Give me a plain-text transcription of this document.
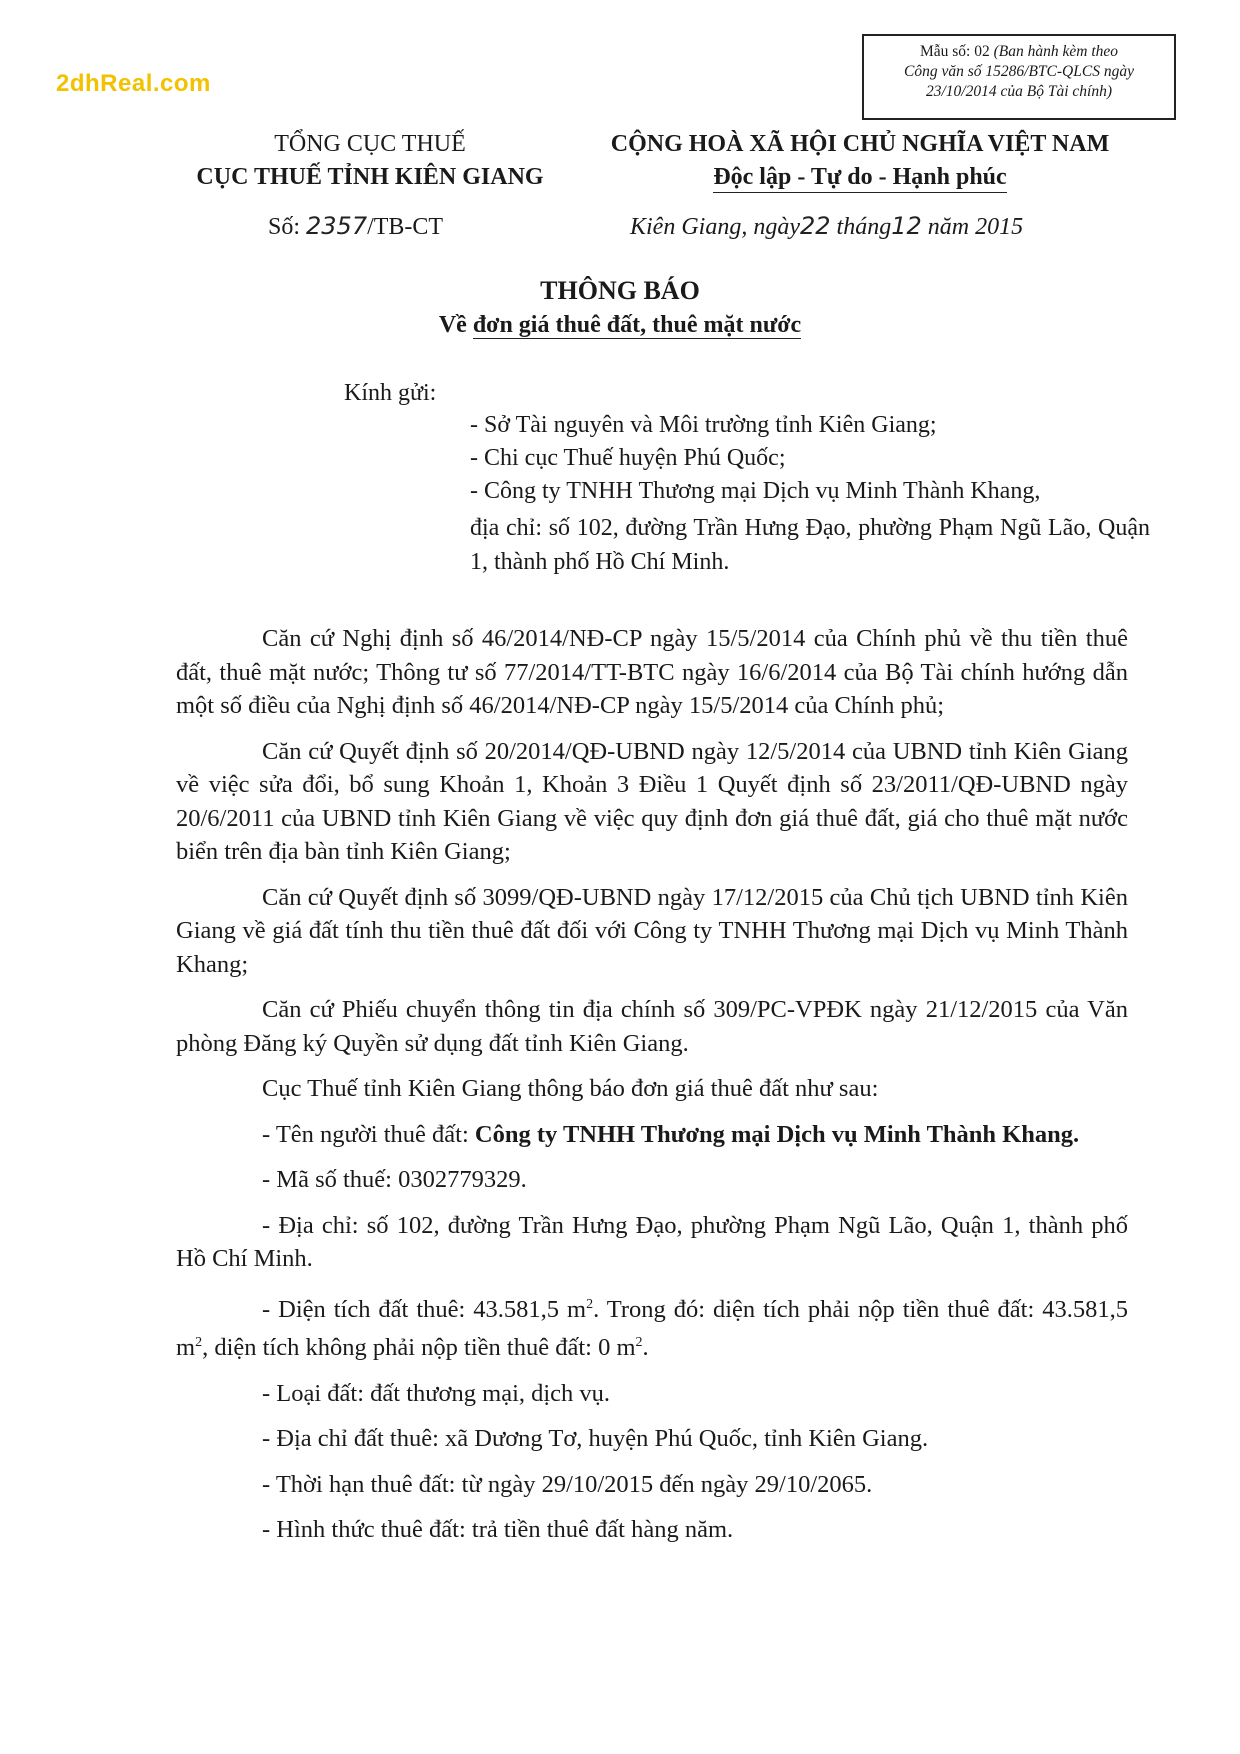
2dhReal.com
Mẫu số: 02 (Ban hành kèm theo
Công văn số 15286/BTC-QLCS ngày
23/10/2014 của Bộ Tài chính)
TỔNG CỤC THUẾ
CỤC THUẾ TỈNH KIÊN GIANG
CỘNG HOÀ XÃ HỘI CHỦ NGHĨA VIỆT NAM
Độc lập - Tự do - Hạnh phúc
Số: 2357/TB-CT	Kiên Giang, ngày22 tháng12 năm 2015
THÔNG BÁO
Về đơn giá thuê đất, thuê mặt nước
Kính gửi:
- Sở Tài nguyên và Môi trường tỉnh Kiên Giang;
- Chi cục Thuế huyện Phú Quốc;
- Công ty TNHH Thương mại Dịch vụ Minh Thành Khang,
địa chỉ: số 102, đường Trần Hưng Đạo, phường Phạm Ngũ Lão, Quận 1, thành phố Hồ Chí Minh.

Căn cứ Nghị định số 46/2014/NĐ-CP ngày 15/5/2014 của Chính phủ về thu tiền thuê đất, thuê mặt nước; Thông tư số 77/2014/TT-BTC ngày 16/6/2014 của Bộ Tài chính hướng dẫn một số điều của Nghị định số 46/2014/NĐ-CP ngày 15/5/2014 của Chính phủ;

Căn cứ Quyết định số 20/2014/QĐ-UBND ngày 12/5/2014 của UBND tỉnh Kiên Giang về việc sửa đổi, bổ sung Khoản 1, Khoản 3 Điều 1 Quyết định số 23/2011/QĐ-UBND ngày 20/6/2011 của UBND tỉnh Kiên Giang về việc quy định đơn giá thuê đất, giá cho thuê mặt nước biển trên địa bàn tỉnh Kiên Giang;

Căn cứ Quyết định số 3099/QĐ-UBND ngày 17/12/2015 của Chủ tịch UBND tỉnh Kiên Giang về giá đất tính thu tiền thuê đất đối với Công ty TNHH Thương mại Dịch vụ Minh Thành Khang;

Căn cứ Phiếu chuyển thông tin địa chính số 309/PC-VPĐK ngày 21/12/2015 của Văn phòng Đăng ký Quyền sử dụng đất tỉnh Kiên Giang.

Cục Thuế tỉnh Kiên Giang thông báo đơn giá thuê đất như sau:

- Tên người thuê đất: Công ty TNHH Thương mại Dịch vụ Minh Thành Khang.

- Mã số thuế: 0302779329.

- Địa chỉ: số 102, đường Trần Hưng Đạo, phường Phạm Ngũ Lão, Quận 1, thành phố Hồ Chí Minh.

- Diện tích đất thuê: 43.581,5 $m^2$. Trong đó: diện tích phải nộp tiền thuê đất: 43.581,5 $m^2$, diện tích không phải nộp tiền thuê đất: 0 $m^2$.

- Loại đất: đất thương mại, dịch vụ.

- Địa chỉ đất thuê: xã Dương Tơ, huyện Phú Quốc, tỉnh Kiên Giang.

- Thời hạn thuê đất: từ ngày 29/10/2015 đến ngày 29/10/2065.

- Hình thức thuê đất: trả tiền thuê đất hàng năm.
